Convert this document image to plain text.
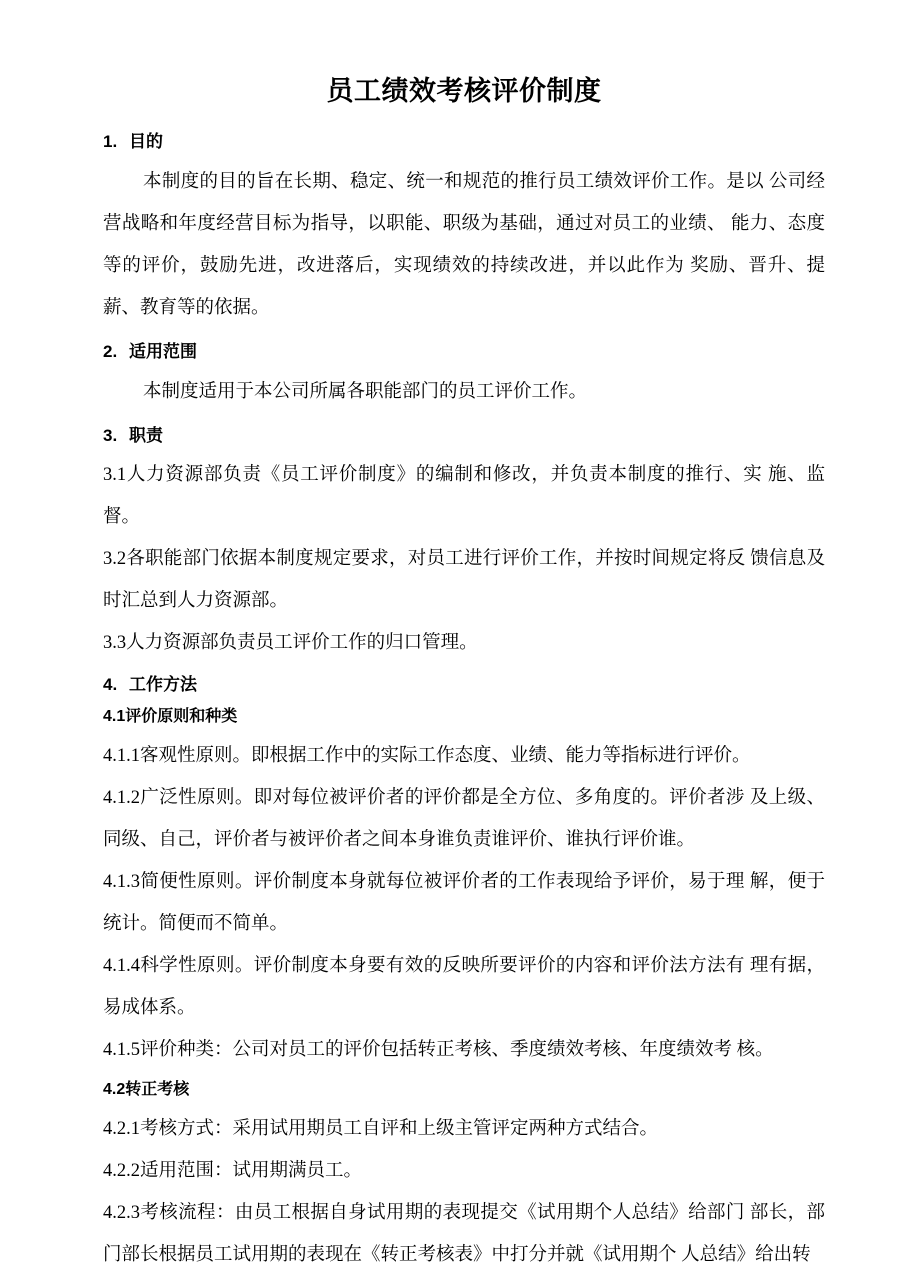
员工绩效考核评价制度
1. 目的

本制度的目的旨在长期、稳定、统一和规范的推行员工绩效评价工作。是以 公司经营战略和年度经营目标为指导，以职能、职级为基础，通过对员工的业绩、 能力、态度等的评价，鼓励先进，改进落后，实现绩效的持续改进，并以此作为 奖励、晋升、提薪、教育等的依据。

2. 适用范围

本制度适用于本公司所属各职能部门的员工评价工作。

3. 职责

3.1人力资源部负责《员工评价制度》的编制和修改，并负责本制度的推行、实 施、监督。

3.2各职能部门依据本制度规定要求，对员工进行评价工作，并按时间规定将反 馈信息及时汇总到人力资源部。

3.3人力资源部负责员工评价工作的归口管理。

4. 工作方法
4.1评价原则和种类

4.1.1客观性原则。即根据工作中的实际工作态度、业绩、能力等指标进行评价。

4.1.2广泛性原则。即对每位被评价者的评价都是全方位、多角度的。评价者涉 及上级、同级、自己，评价者与被评价者之间本身谁负责谁评价、谁执行评价谁。

4.1.3简便性原则。评价制度本身就每位被评价者的工作表现给予评价，易于理 解，便于统计。简便而不简单。

4.1.4科学性原则。评价制度本身要有效的反映所要评价的内容和评价法方法有 理有据，易成体系。

4.1.5评价种类：公司对员工的评价包括转正考核、季度绩效考核、年度绩效考 核。

4.2转正考核

4.2.1考核方式：采用试用期员工自评和上级主管评定两种方式结合。

4.2.2适用范围：试用期满员工。

4.2.3考核流程：由员工根据自身试用期的表现提交《试用期个人总结》给部门 部长，部门部长根据员工试用期的表现在《转正考核表》中打分并就《试用期个 人总结》给出转
